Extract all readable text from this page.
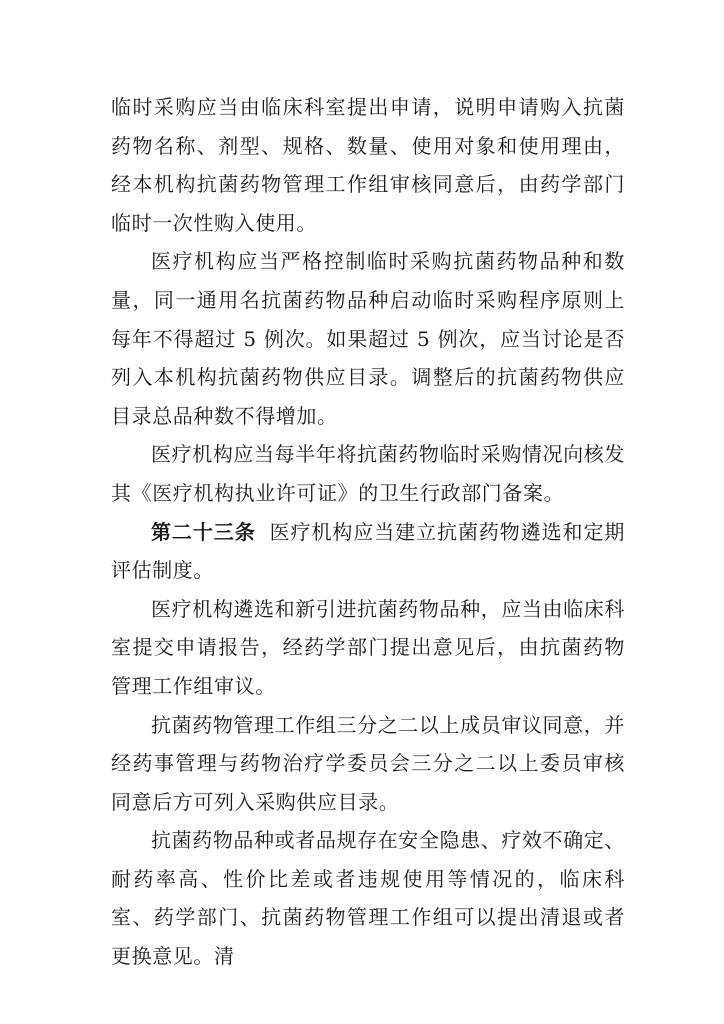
临时采购应当由临床科室提出申请，说明申请购入抗菌药物名称、剂型、规格、数量、使用对象和使用理由，经本机构抗菌药物管理工作组审核同意后，由药学部门临时一次性购入使用。

医疗机构应当严格控制临时采购抗菌药物品种和数量，同一通用名抗菌药物品种启动临时采购程序原则上每年不得超过 5 例次。如果超过 5 例次，应当讨论是否列入本机构抗菌药物供应目录。调整后的抗菌药物供应目录总品种数不得增加。

医疗机构应当每半年将抗菌药物临时采购情况向核发其《医疗机构执业许可证》的卫生行政部门备案。

第二十三条 医疗机构应当建立抗菌药物遴选和定期评估制度。

医疗机构遴选和新引进抗菌药物品种，应当由临床科室提交申请报告，经药学部门提出意见后，由抗菌药物管理工作组审议。

抗菌药物管理工作组三分之二以上成员审议同意，并经药事管理与药物治疗学委员会三分之二以上委员审核同意后方可列入采购供应目录。

抗菌药物品种或者品规存在安全隐患、疗效不确定、耐药率高、性价比差或者违规使用等情况的，临床科室、药学部门、抗菌药物管理工作组可以提出清退或者更换意见。清
